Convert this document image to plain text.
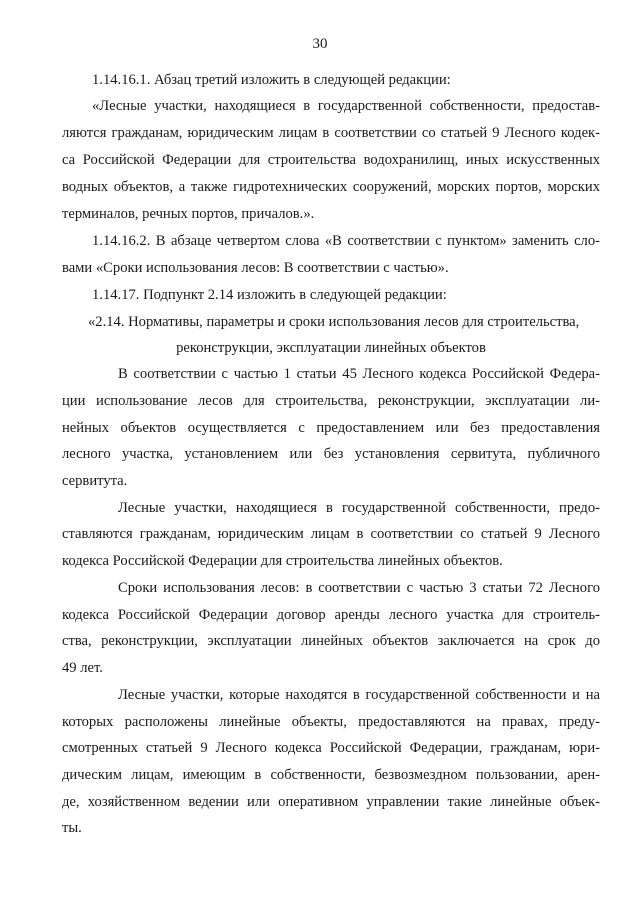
30
1.14.16.1. Абзац третий изложить в следующей редакции:
«Лесные участки, находящиеся в государственной собственности, предостав-
ляются гражданам, юридическим лицам в соответствии со статьей 9 Лесного кодек-
са Российской Федерации для строительства водохранилищ, иных искусственных
водных объектов, а также гидротехнических сооружений, морских портов, морских
терминалов, речных портов, причалов.».
1.14.16.2. В абзаце четвертом слова «В соответствии с пунктом» заменить сло-
вами «Сроки использования лесов: В соответствии с частью».
1.14.17. Подпункт 2.14 изложить в следующей редакции:
«2.14. Нормативы, параметры и сроки использования лесов для строительства,
реконструкции, эксплуатации линейных объектов
В соответствии с частью 1 статьи 45 Лесного кодекса Российской Федера-
ции использование лесов для строительства, реконструкции, эксплуатации ли-
нейных объектов осуществляется с предоставлением или без предоставления
лесного участка, установлением или без установления сервитута, публичного
сервитута.
Лесные участки, находящиеся в государственной собственности, предо-
ставляются гражданам, юридическим лицам в соответствии со статьей 9 Лесного
кодекса Российской Федерации для строительства линейных объектов.
Сроки использования лесов: в соответствии с частью 3 статьи 72 Лесного
кодекса Российской Федерации договор аренды лесного участка для строитель-
ства, реконструкции, эксплуатации линейных объектов заключается на срок до
49 лет.
Лесные участки, которые находятся в государственной собственности и на
которых расположены линейные объекты, предоставляются на правах, преду-
смотренных статьей 9 Лесного кодекса Российской Федерации, гражданам, юри-
дическим лицам, имеющим в собственности, безвозмездном пользовании, арен-
де, хозяйственном ведении или оперативном управлении такие линейные объек-
ты.
